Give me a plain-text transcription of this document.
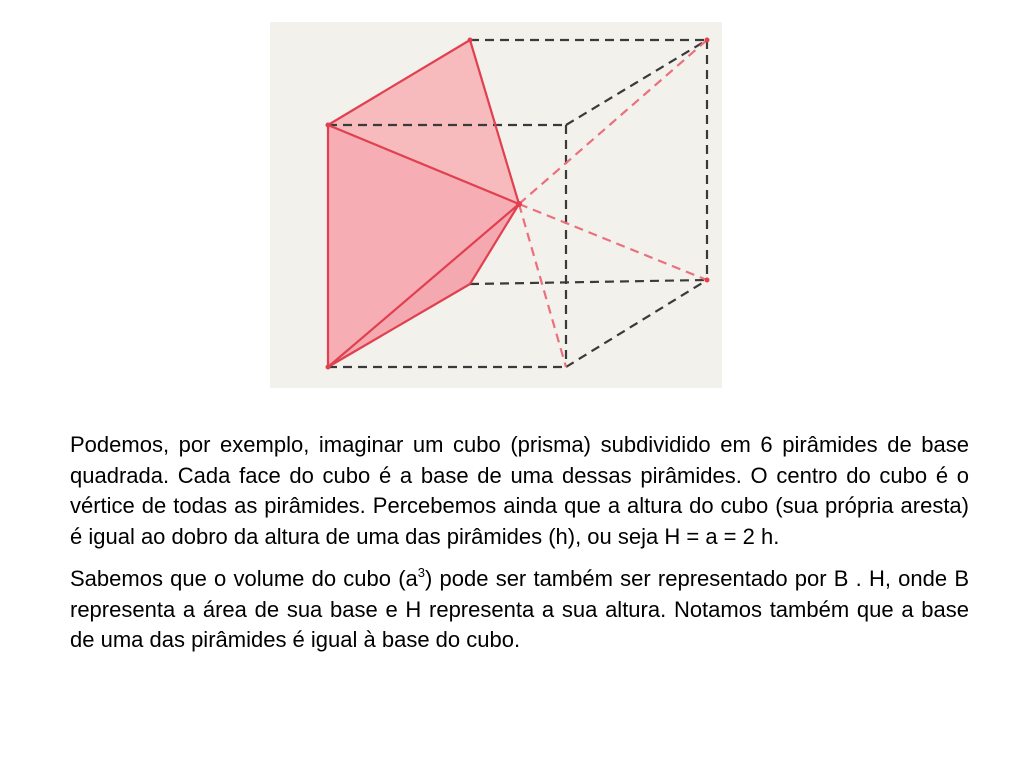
Podemos, por exemplo, imaginar um cubo (prisma) subdividido em 6 pirâmides de base quadrada. Cada face do cubo é a base de uma dessas pirâmides. O centro do cubo é o vértice de todas as pirâmides. Percebemos ainda que a altura do cubo (sua própria aresta) é igual ao dobro da altura de uma das pirâmides (h), ou seja H = a = 2 h.

Sabemos que o volume do cubo $(a^3)$ pode ser também ser representado por B . H, onde B representa a área de sua base e H representa a sua altura. Notamos também que a base de uma das pirâmides é igual à base do cubo.
